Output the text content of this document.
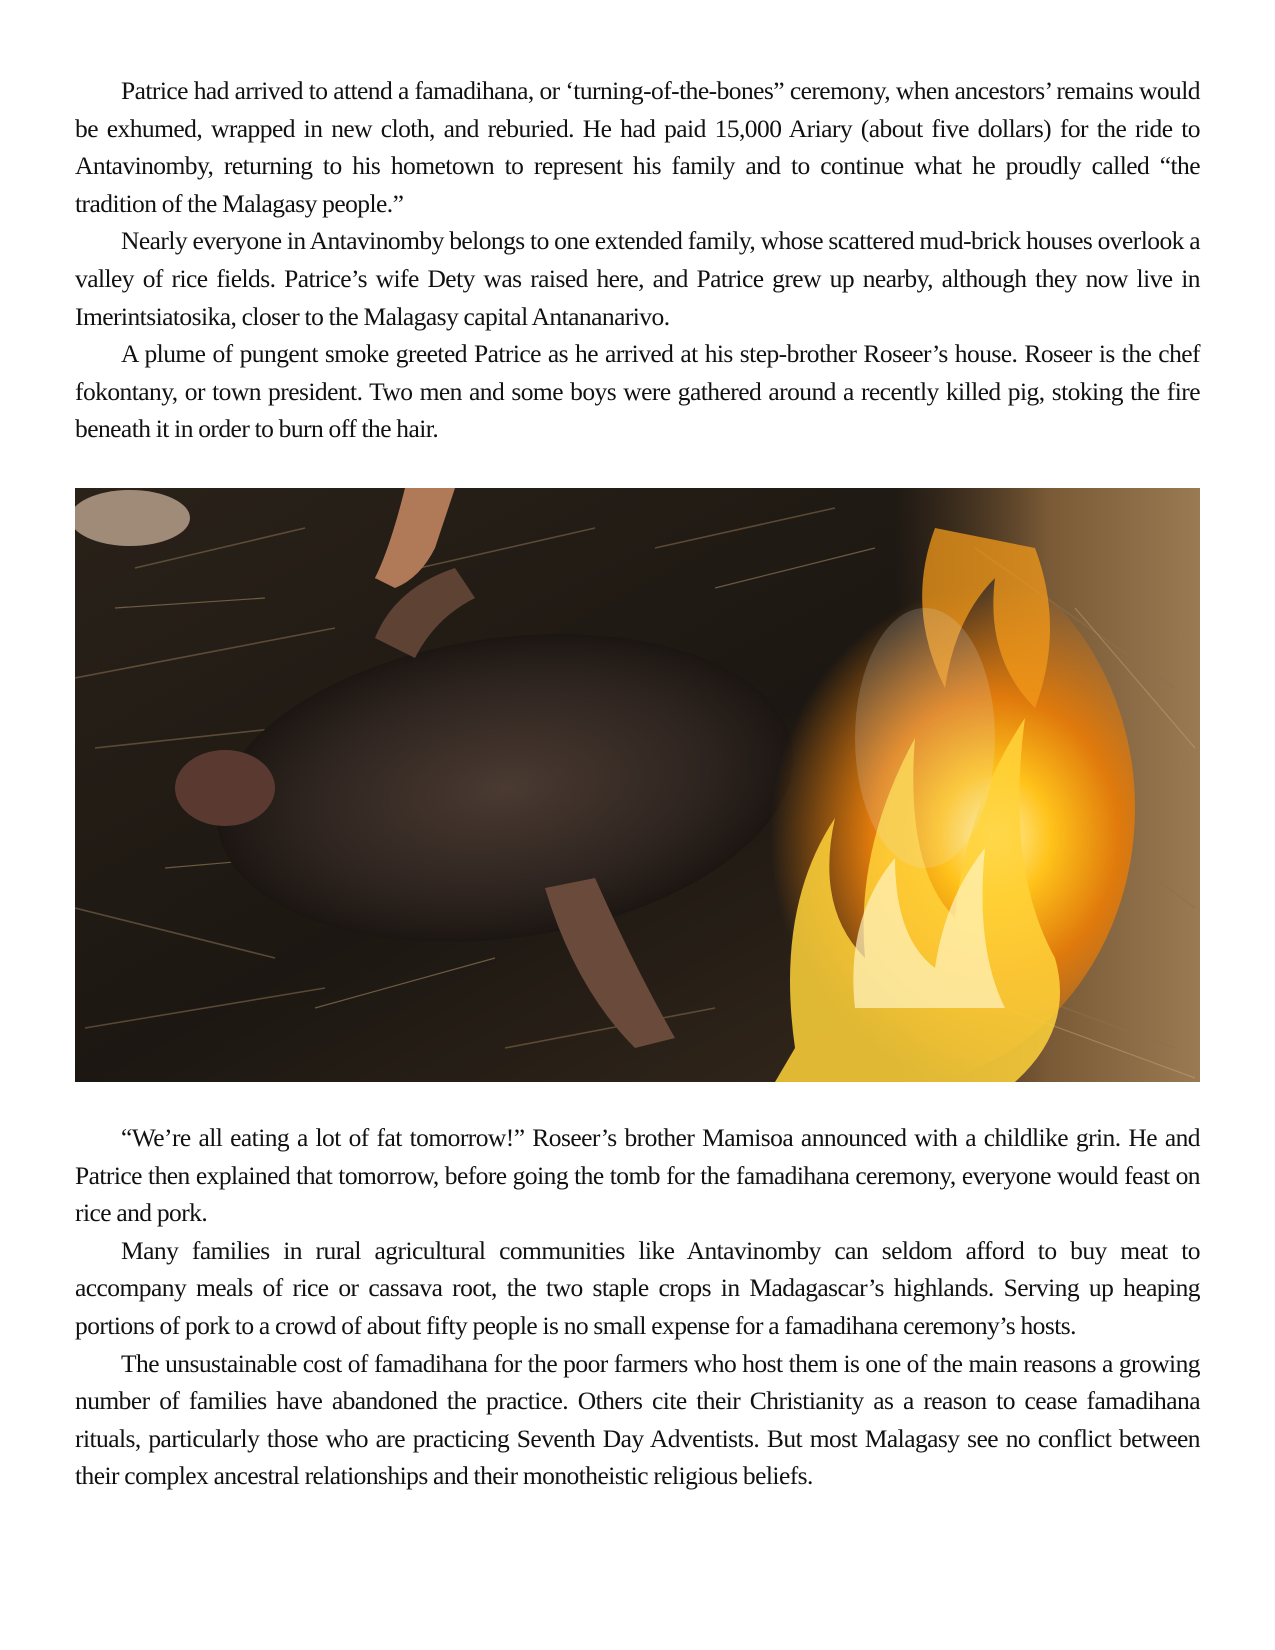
Patrice had arrived to attend a famadihana, or ‘turning-of-the-bones” ceremony, when ancestors’ remains would be exhumed, wrapped in new cloth, and reburied. He had paid 15,000 Ariary (about five dollars) for the ride to Antavinomby, returning to his hometown to represent his family and to continue what he proudly called “the tradition of the Malagasy people.”

Nearly everyone in Antavinomby belongs to one extended family, whose scattered mud-brick houses overlook a valley of rice fields. Patrice’s wife Dety was raised here, and Patrice grew up nearby, although they now live in Imerintsiatosika, closer to the Malagasy capital Antananarivo.

A plume of pungent smoke greeted Patrice as he arrived at his step-brother Roseer’s house. Roseer is the chef fokontany, or town president. Two men and some boys were gathered around a recently killed pig, stoking the fire beneath it in order to burn off the hair.

“We’re all eating a lot of fat tomorrow!” Roseer’s brother Mamisoa announced with a childlike grin. He and Patrice then explained that tomorrow, before going the tomb for the famadihana ceremony, everyone would feast on rice and pork.

Many families in rural agricultural communities like Antavinomby can seldom afford to buy meat to accompany meals of rice or cassava root, the two staple crops in Madagascar’s highlands. Serving up heaping portions of pork to a crowd of about fifty people is no small expense for a famadihana ceremony’s hosts.

The unsustainable cost of famadihana for the poor farmers who host them is one of the main reasons a growing number of families have abandoned the practice. Others cite their Christianity as a reason to cease famadihana rituals, particularly those who are practicing Seventh Day Adventists. But most Malagasy see no conflict between their complex ancestral relationships and their monotheistic religious beliefs.
